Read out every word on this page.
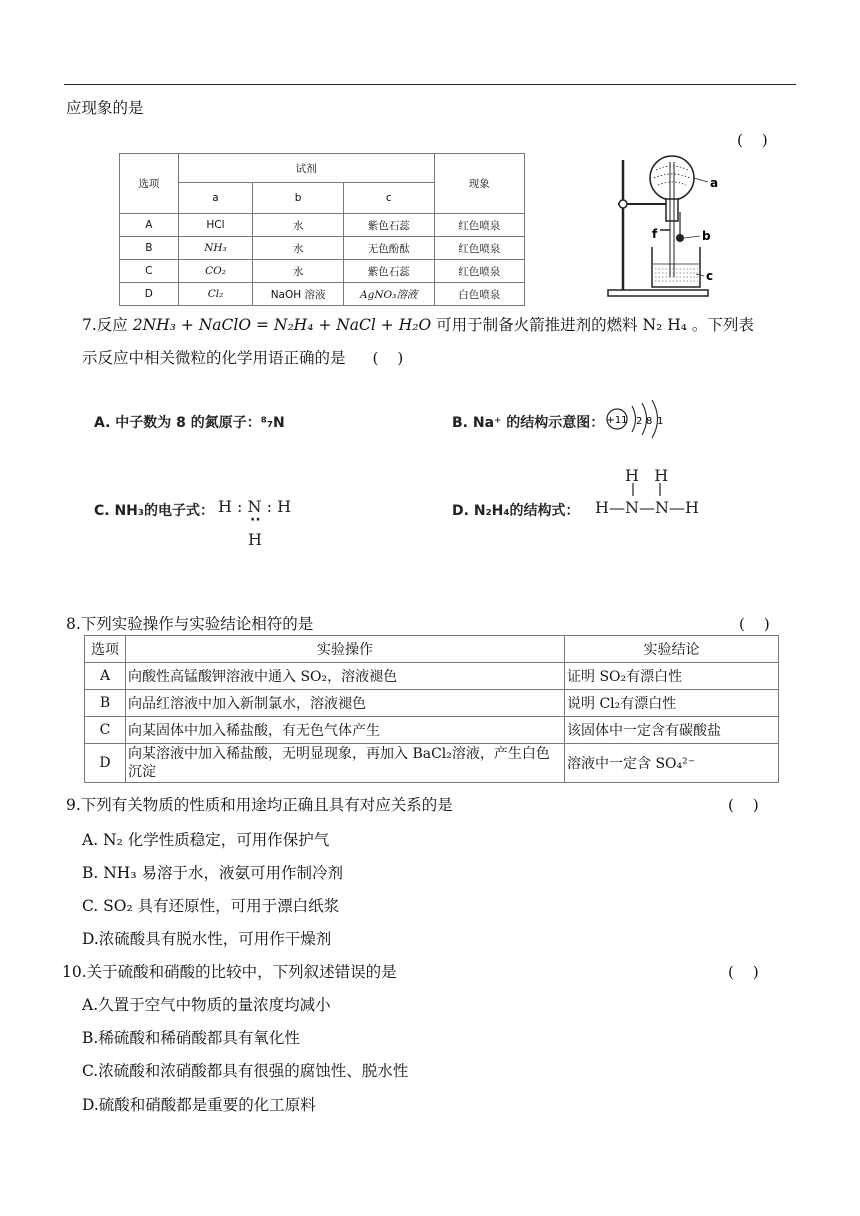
应现象的是
(    )
选项	试剂			现象
	a	b	c	
A	HCl	水	紫色石蕊	红色喷泉
B	NH₃	水	无色酚酞	红色喷泉
C	CO₂	水	紫色石蕊	红色喷泉
D	Cl₂	NaOH 溶液	AgNO₃溶液	白色喷泉
a
b
c
f
7.反应 2NH₃ + NaClO = N₂H₄ + NaCl + H₂O 可用于制备火箭推进剂的燃料 N₂ H₄ 。下列表
示反应中相关微粒的化学用语正确的是 (    )
A. 中子数为 8 的氮原子：⁸₇N	B. Na⁺ 的结构示意图： +11 2 8 1
C. NH₃的电子式： H : N : H
··
H
D. N₂H₄的结构式：
H   H
H—N—N—H
8.下列实验操作与实验结论相符的是	(    )
选项	实验操作	实验结论
A	向酸性高锰酸钾溶液中通入 SO₂，溶液褪色	证明 SO₂有漂白性
B	向品红溶液中加入新制氯水，溶液褪色	说明 Cl₂有漂白性
C	向某固体中加入稀盐酸，有无色气体产生	该固体中一定含有碳酸盐
D	向某溶液中加入稀盐酸，无明显现象，再加入 BaCl₂溶液，产生白色沉淀	溶液中一定含 SO₄²⁻
9.下列有关物质的性质和用途均正确且具有对应关系的是	(    )
A. N₂ 化学性质稳定，可用作保护气
B. NH₃ 易溶于水，液氨可用作制冷剂
C. SO₂ 具有还原性，可用于漂白纸浆
D.浓硫酸具有脱水性，可用作干燥剂
10.关于硫酸和硝酸的比较中，下列叙述错误的是	(    )
A.久置于空气中物质的量浓度均减小
B.稀硫酸和稀硝酸都具有氧化性
C.浓硫酸和浓硝酸都具有很强的腐蚀性、脱水性
D.硫酸和硝酸都是重要的化工原料
